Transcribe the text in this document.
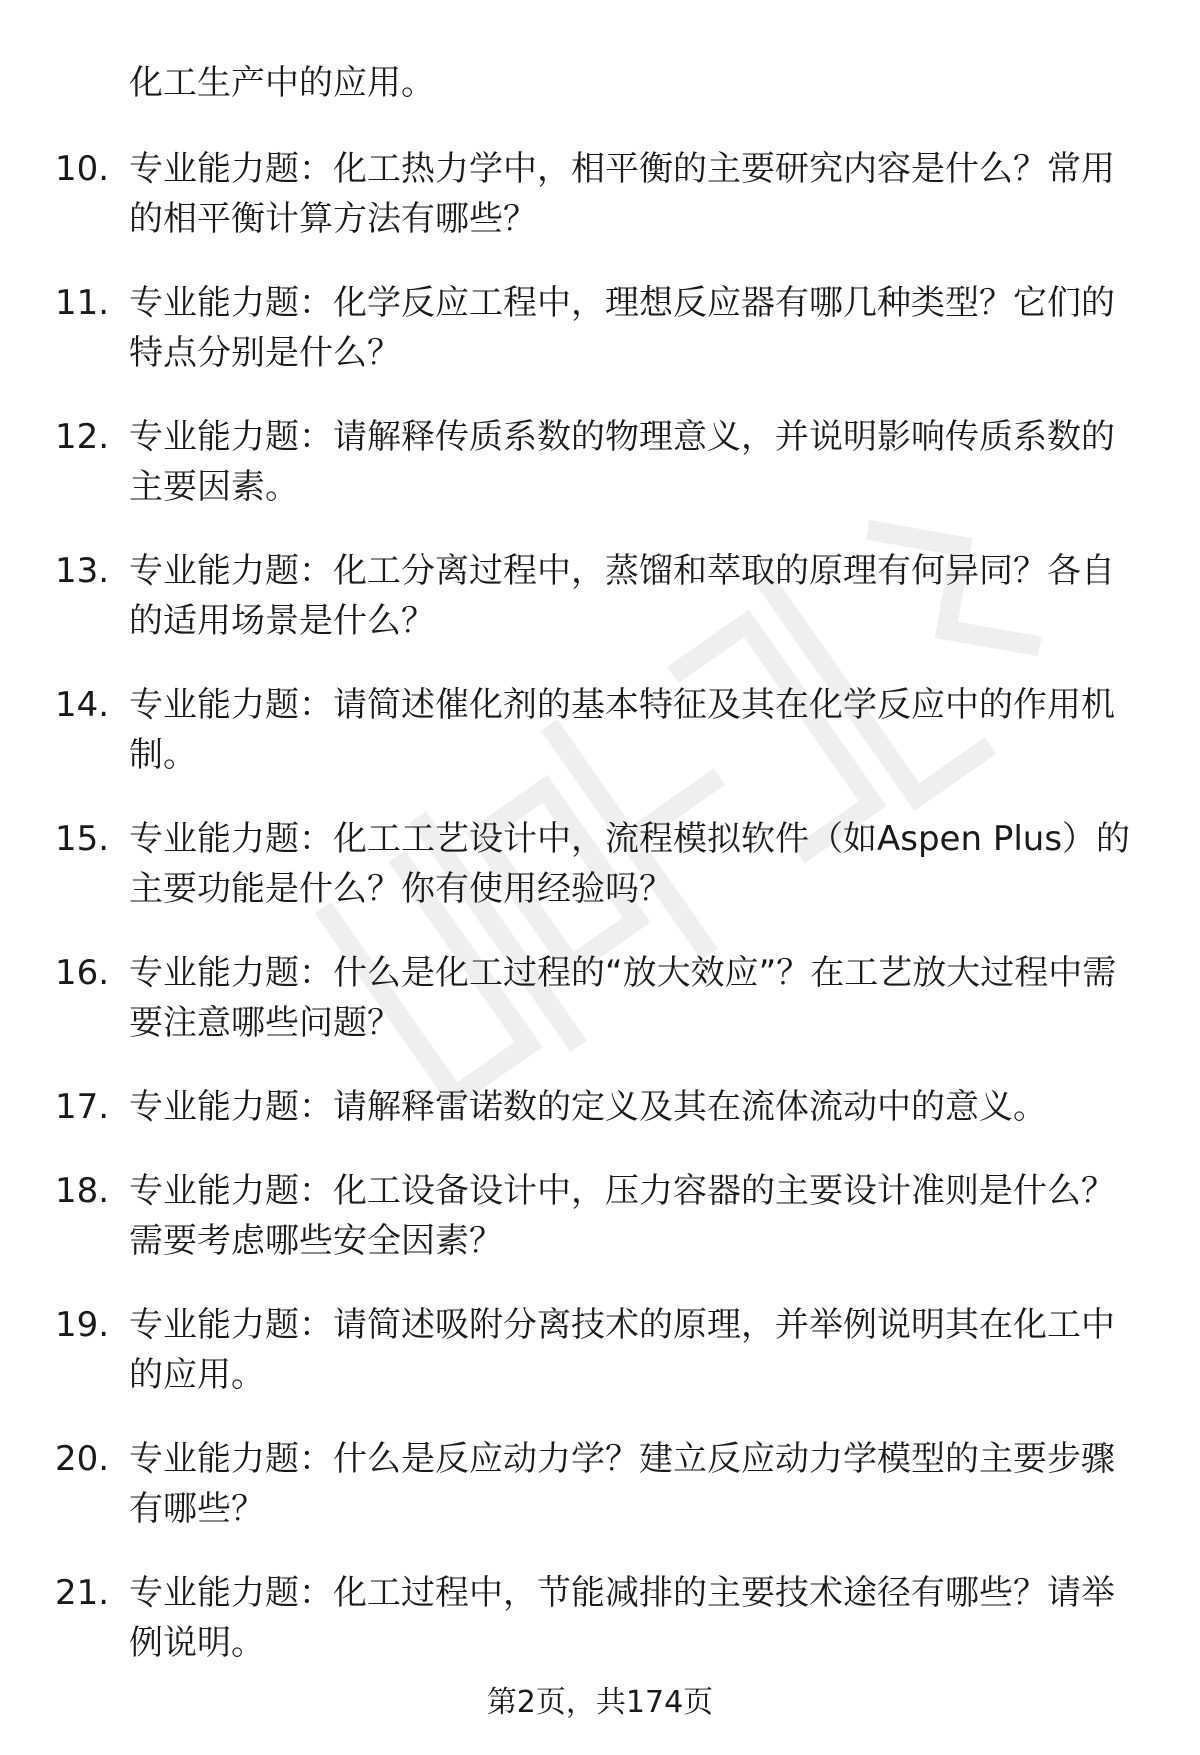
化工生产中的应用。
10. 专业能力题：化工热力学中，相平衡的主要研究内容是什么？常用的相平衡计算方法有哪些？
11. 专业能力题：化学反应工程中，理想反应器有哪几种类型？它们的特点分别是什么？
12. 专业能力题：请解释传质系数的物理意义，并说明影响传质系数的主要因素。
13. 专业能力题：化工分离过程中，蒸馏和萃取的原理有何异同？各自的适用场景是什么？
14. 专业能力题：请简述催化剂的基本特征及其在化学反应中的作用机制。
15. 专业能力题：化工工艺设计中，流程模拟软件（如Aspen Plus）的主要功能是什么？你有使用经验吗？
16. 专业能力题：什么是化工过程的“放大效应”？在工艺放大过程中需要注意哪些问题？
17. 专业能力题：请解释雷诺数的定义及其在流体流动中的意义。
18. 专业能力题：化工设备设计中，压力容器的主要设计准则是什么？需要考虑哪些安全因素？
19. 专业能力题：请简述吸附分离技术的原理，并举例说明其在化工中的应用。
20. 专业能力题：什么是反应动力学？建立反应动力学模型的主要步骤有哪些？
21. 专业能力题：化工过程中，节能减排的主要技术途径有哪些？请举例说明。
第2页，共174页
